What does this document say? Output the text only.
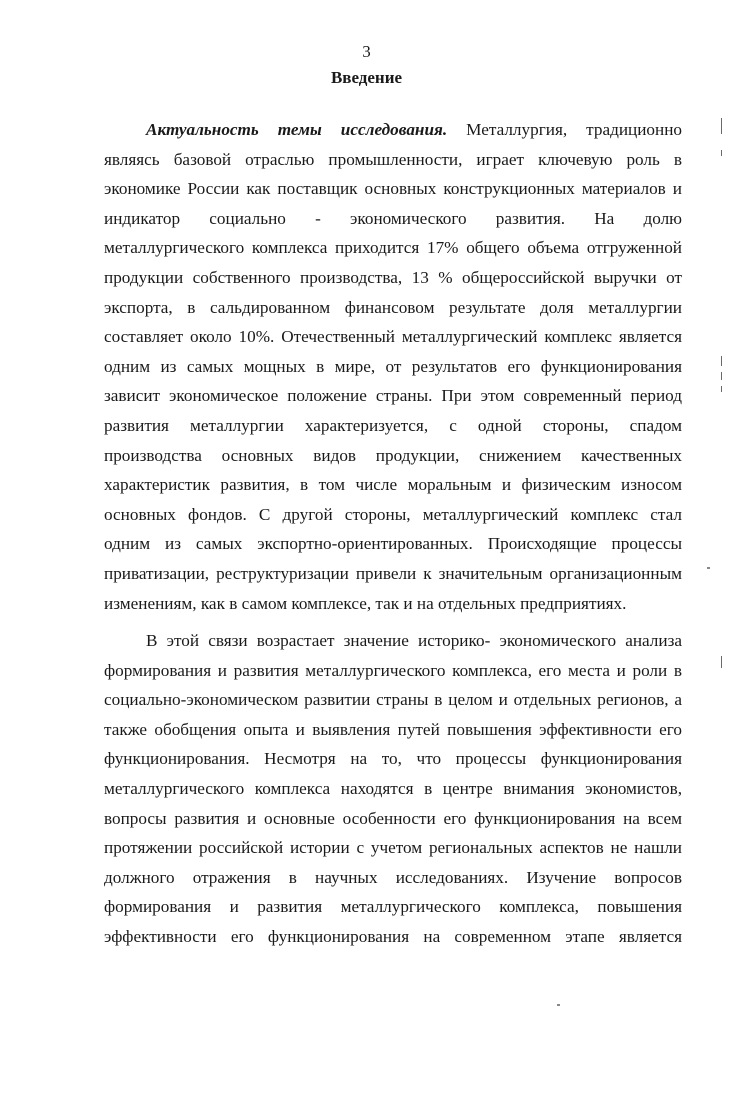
3
Введение
Актуальность темы исследования. Металлургия, традиционно
являясь базовой отраслью промышленности, играет ключевую роль в
экономике России как поставщик основных конструкционных материалов и
индикатор социально - экономического развития. На долю
металлургического комплекса приходится 17% общего объема отгруженной
продукции собственного производства, 13 % общероссийской выручки от
экспорта, в сальдированном финансовом результате доля металлургии
составляет около 10%. Отечественный металлургический комплекс является
одним из самых мощных в мире, от результатов его функционирования
зависит экономическое положение страны. При этом современный период
развития металлургии характеризуется, с одной стороны, спадом
производства основных видов продукции, снижением качественных
характеристик развития, в том числе моральным и физическим износом
основных фондов. С другой стороны, металлургический комплекс стал
одним из самых экспортно-ориентированных. Происходящие процессы
приватизации, реструктуризации привели к значительным организационным
изменениям, как в самом комплексе, так и на отдельных предприятиях.
В этой связи возрастает значение историко- экономического анализа
формирования и развития металлургического комплекса, его места и роли в
социально-экономическом развитии страны в целом и отдельных регионов, а
также обобщения опыта и выявления путей повышения эффективности его
функционирования. Несмотря на то, что процессы функционирования
металлургического комплекса находятся в центре внимания экономистов,
вопросы развития и основные особенности его функционирования на всем
протяжении российской истории с учетом региональных аспектов не нашли
должного отражения в научных исследованиях. Изучение вопросов
формирования и развития металлургического комплекса, повышения
эффективности его функционирования на современном этапе является
